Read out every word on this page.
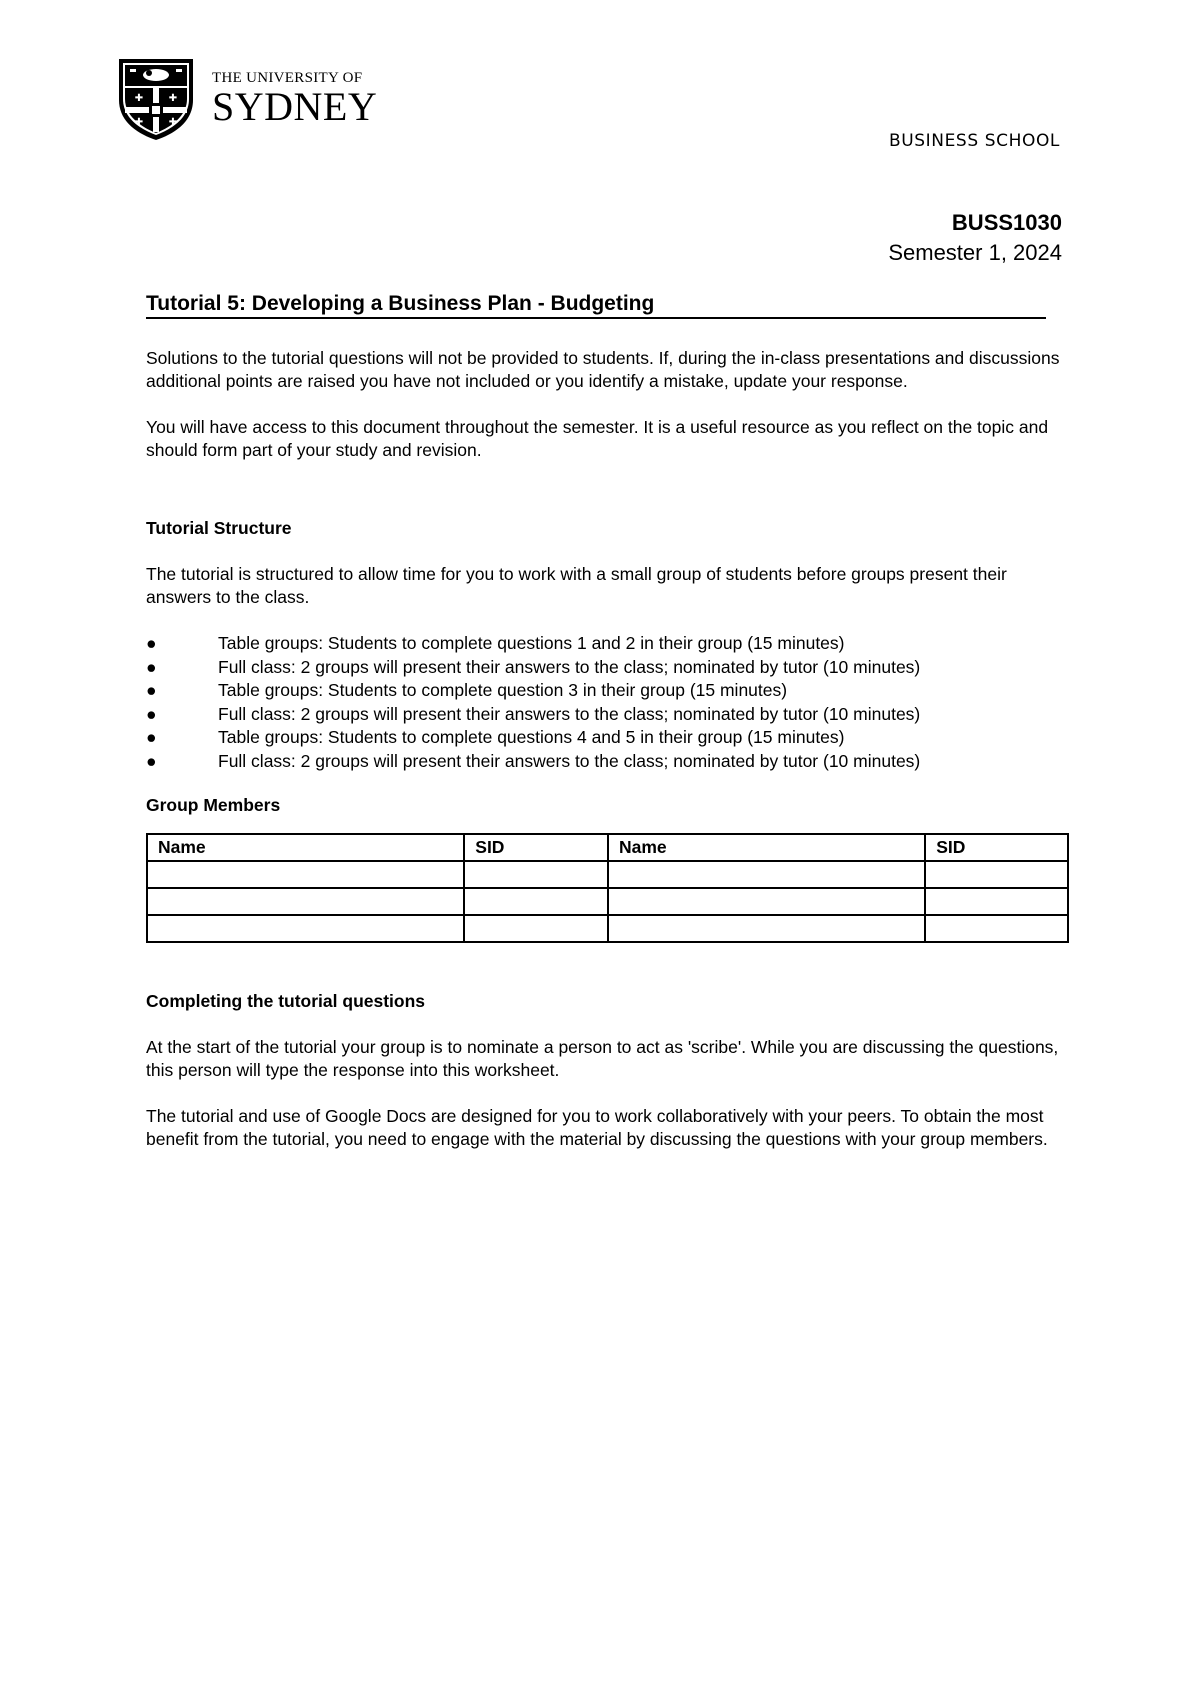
✚	✚
✚	✚
THE UNIVERSITY OF
SYDNEY
BUSINESS SCHOOL
BUSS1030
Semester 1, 2024
Tutorial 5: Developing a Business Plan - Budgeting

Solutions to the tutorial questions will not be provided to students. If, during the in-class presentations and discussions additional points are raised you have not included or you identify a mistake, update your response.

You will have access to this document throughout the semester. It is a useful resource as you reflect on the topic and should form part of your study and revision.

Tutorial Structure

The tutorial is structured to allow time for you to work with a small group of students before groups present their answers to the class.

●	Table groups: Students to complete questions 1 and 2 in their group (15 minutes)
●	Full class: 2 groups will present their answers to the class; nominated by tutor (10 minutes)
●	Table groups: Students to complete question 3 in their group (15 minutes)
●	Full class: 2 groups will present their answers to the class; nominated by tutor (10 minutes)
●	Table groups: Students to complete questions 4 and 5 in their group (15 minutes)
●	Full class: 2 groups will present their answers to the class; nominated by tutor (10 minutes)
Group Members
Name	SID	Name	SID

Completing the tutorial questions

At the start of the tutorial your group is to nominate a person to act as 'scribe'. While you are discussing the questions, this person will type the response into this worksheet.

The tutorial and use of Google Docs are designed for you to work collaboratively with your peers. To obtain the most benefit from the tutorial, you need to engage with the material by discussing the questions with your group members.
